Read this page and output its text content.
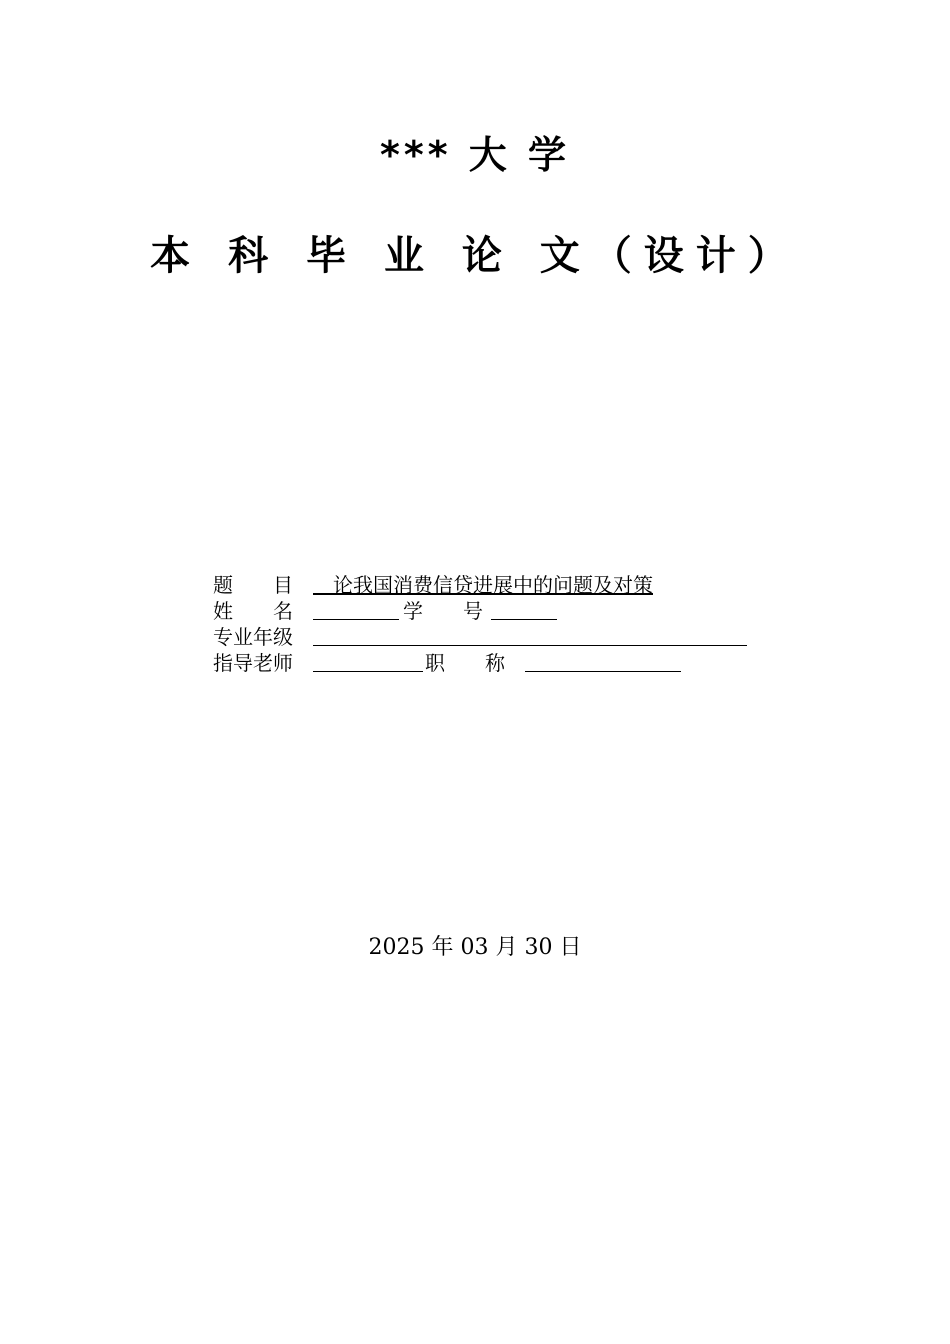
*** 大 学
本 科 毕 业 论 文（设计）
题　　目 　论我国消费信贷进展中的问题及对策
姓　　名	学　　号
专业年级
指导老师	职　　称
2025 年 03 月 30 日
